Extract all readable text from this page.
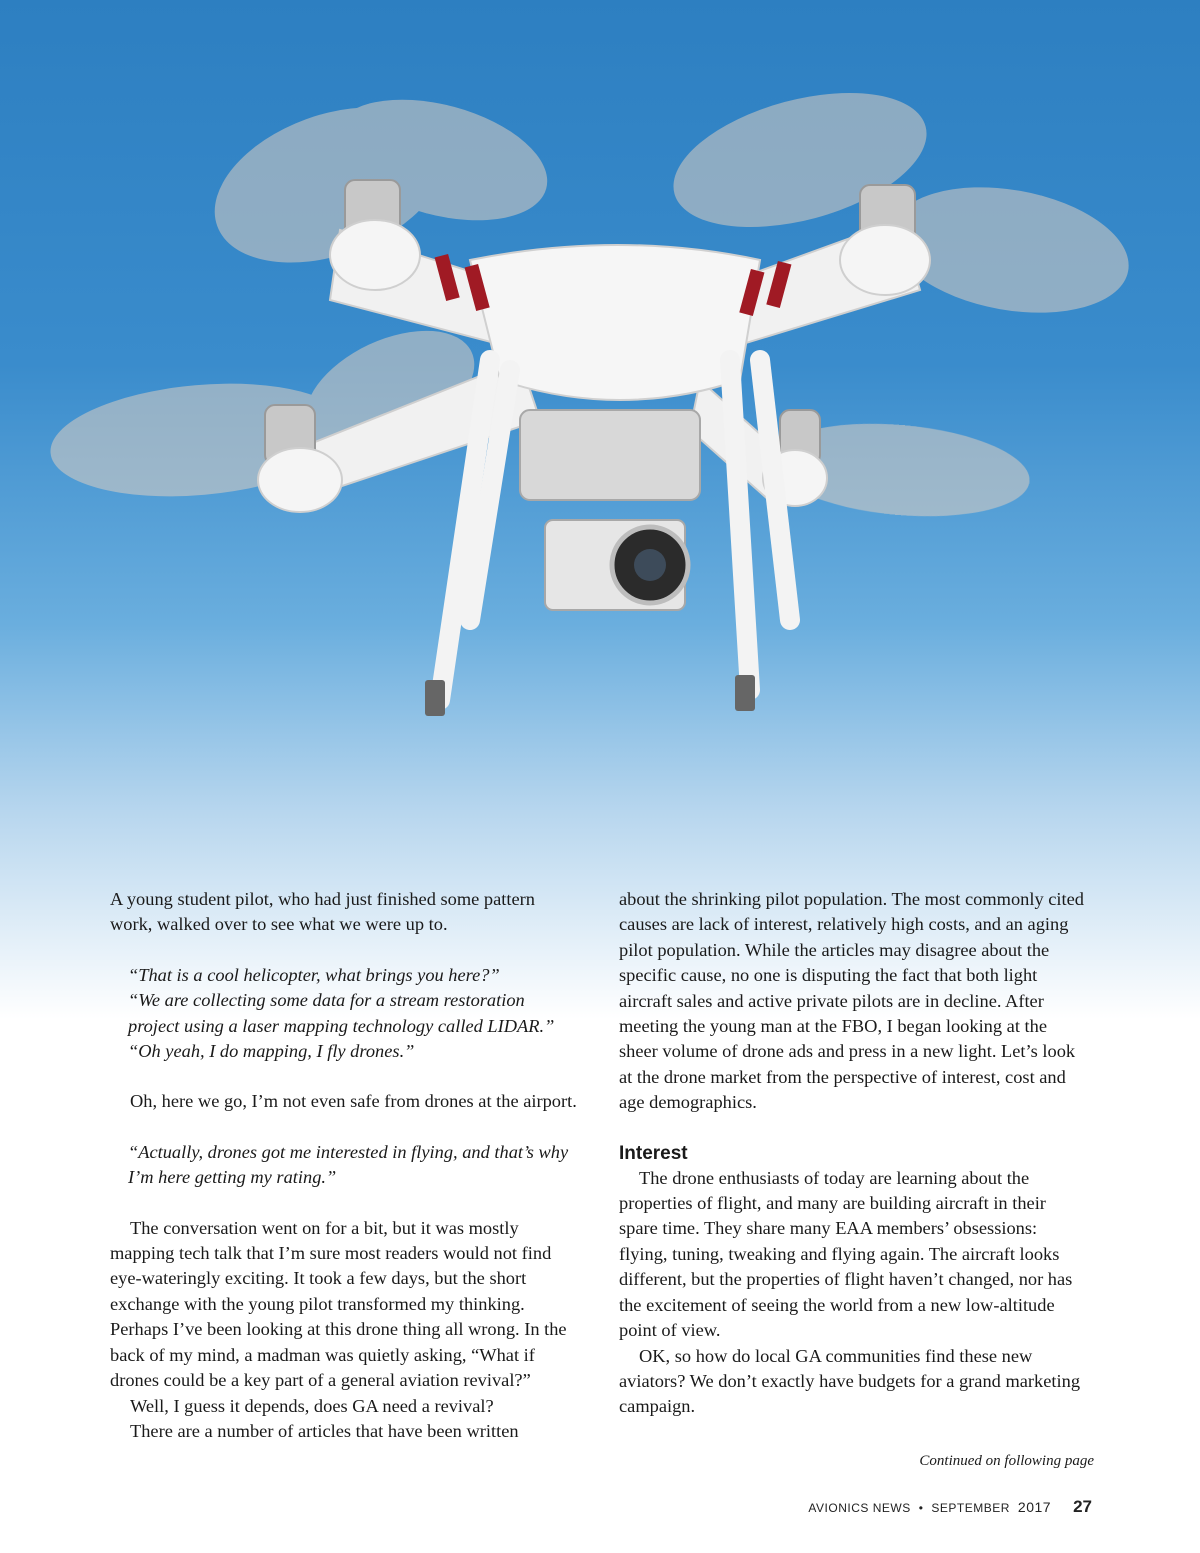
A young student pilot, who had just finished some pattern work, walked over to see what we were up to.

“That is a cool helicopter, what brings you here?”

“We are collecting some data for a stream restoration project using a laser mapping technology called LIDAR.”

“Oh yeah, I do mapping, I fly drones.”

Oh, here we go, I’m not even safe from drones at the airport.

“Actually, drones got me interested in flying, and that’s why I’m here getting my rating.”

The conversation went on for a bit, but it was mostly mapping tech talk that I’m sure most readers would not find eye-wateringly exciting. It took a few days, but the short exchange with the young pilot transformed my thinking. Perhaps I’ve been looking at this drone thing all wrong. In the back of my mind, a madman was quietly asking, “What if drones could be a key part of a general aviation revival?”

Well, I guess it depends, does GA need a revival?

There are a number of articles that have been written

about the shrinking pilot population. The most commonly cited causes are lack of interest, relatively high costs, and an aging pilot population. While the articles may disagree about the specific cause, no one is disputing the fact that both light aircraft sales and active private pilots are in decline. After meeting the young man at the FBO, I began looking at the sheer volume of drone ads and press in a new light. Let’s look at the drone market from the perspective of interest, cost and age demographics.

Interest

The drone enthusiasts of today are learning about the properties of flight, and many are building aircraft in their spare time. They share many EAA members’ obsessions: flying, tuning, tweaking and flying again. The aircraft looks different, but the properties of flight haven’t changed, nor has the excitement of seeing the world from a new low-altitude point of view.

OK, so how do local GA communities find these new aviators? We don’t exactly have budgets for a grand marketing campaign.

Continued on following page
AVIONICS NEWS • SEPTEMBER 2017 27
